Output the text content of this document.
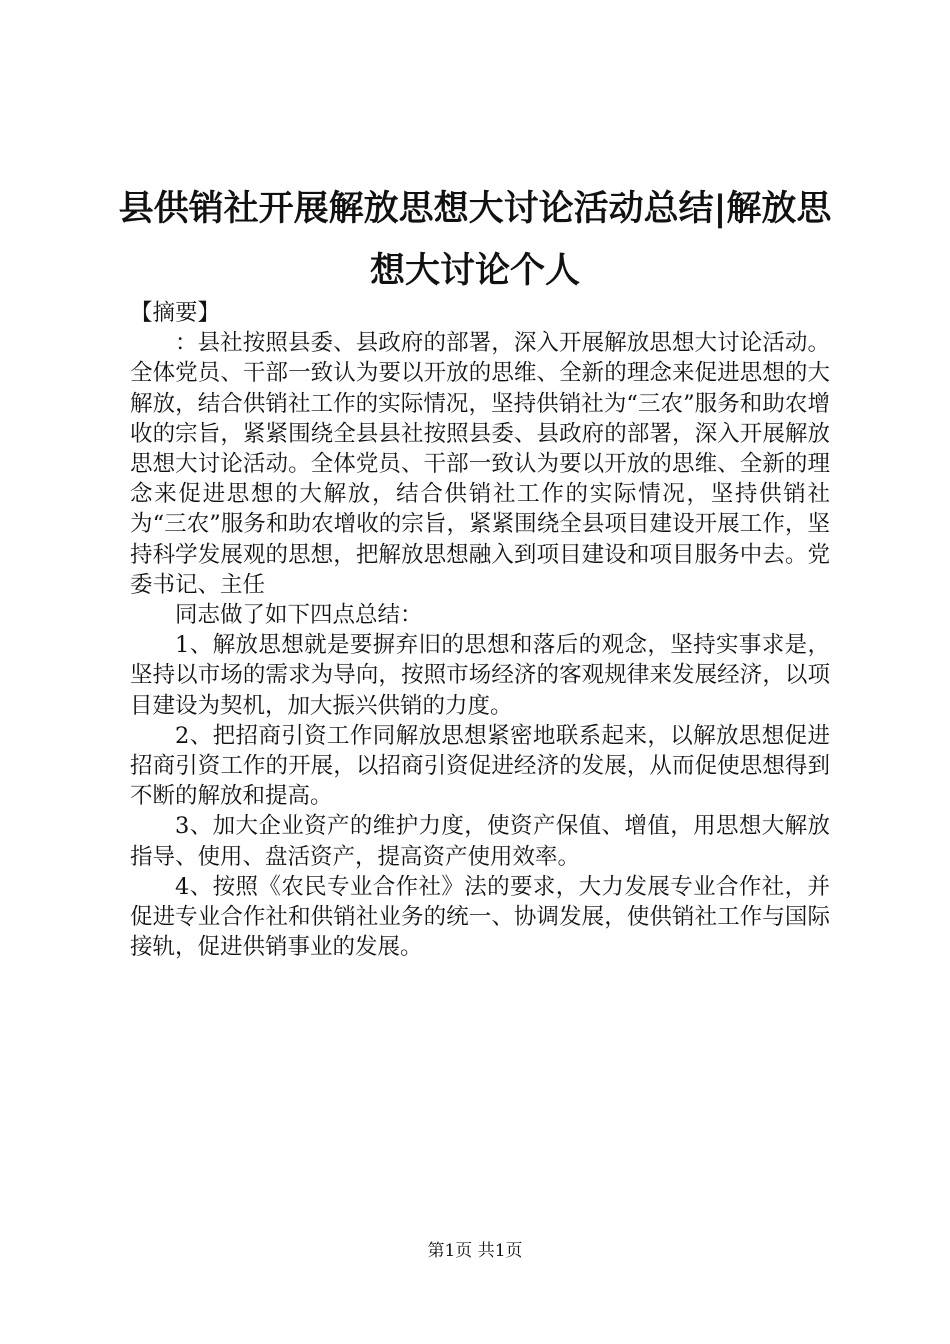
县供销社开展解放思想大讨论活动总结|解放思想大讨论个人

【摘要】

：县社按照县委、县政府的部署，深入开展解放思想大讨论活动。全体党员、干部一致认为要以开放的思维、全新的理念来促进思想的大解放，结合供销社工作的实际情况，坚持供销社为“三农”服务和助农增收的宗旨，紧紧围绕全县县社按照县委、县政府的部署，深入开展解放思想大讨论活动。全体党员、干部一致认为要以开放的思维、全新的理念来促进思想的大解放，结合供销社工作的实际情况，坚持供销社为“三农”服务和助农增收的宗旨，紧紧围绕全县项目建设开展工作，坚持科学发展观的思想，把解放思想融入到项目建设和项目服务中去。党委书记、主任

同志做了如下四点总结：

1、解放思想就是要摒弃旧的思想和落后的观念，坚持实事求是，坚持以市场的需求为导向，按照市场经济的客观规律来发展经济，以项目建设为契机，加大振兴供销的力度。

2、把招商引资工作同解放思想紧密地联系起来，以解放思想促进招商引资工作的开展，以招商引资促进经济的发展，从而促使思想得到不断的解放和提高。

3、加大企业资产的维护力度，使资产保值、增值，用思想大解放指导、使用、盘活资产，提高资产使用效率。

4、按照《农民专业合作社》法的要求，大力发展专业合作社，并促进专业合作社和供销社业务的统一、协调发展，使供销社工作与国际接轨，促进供销事业的发展。

第1页 共1页
